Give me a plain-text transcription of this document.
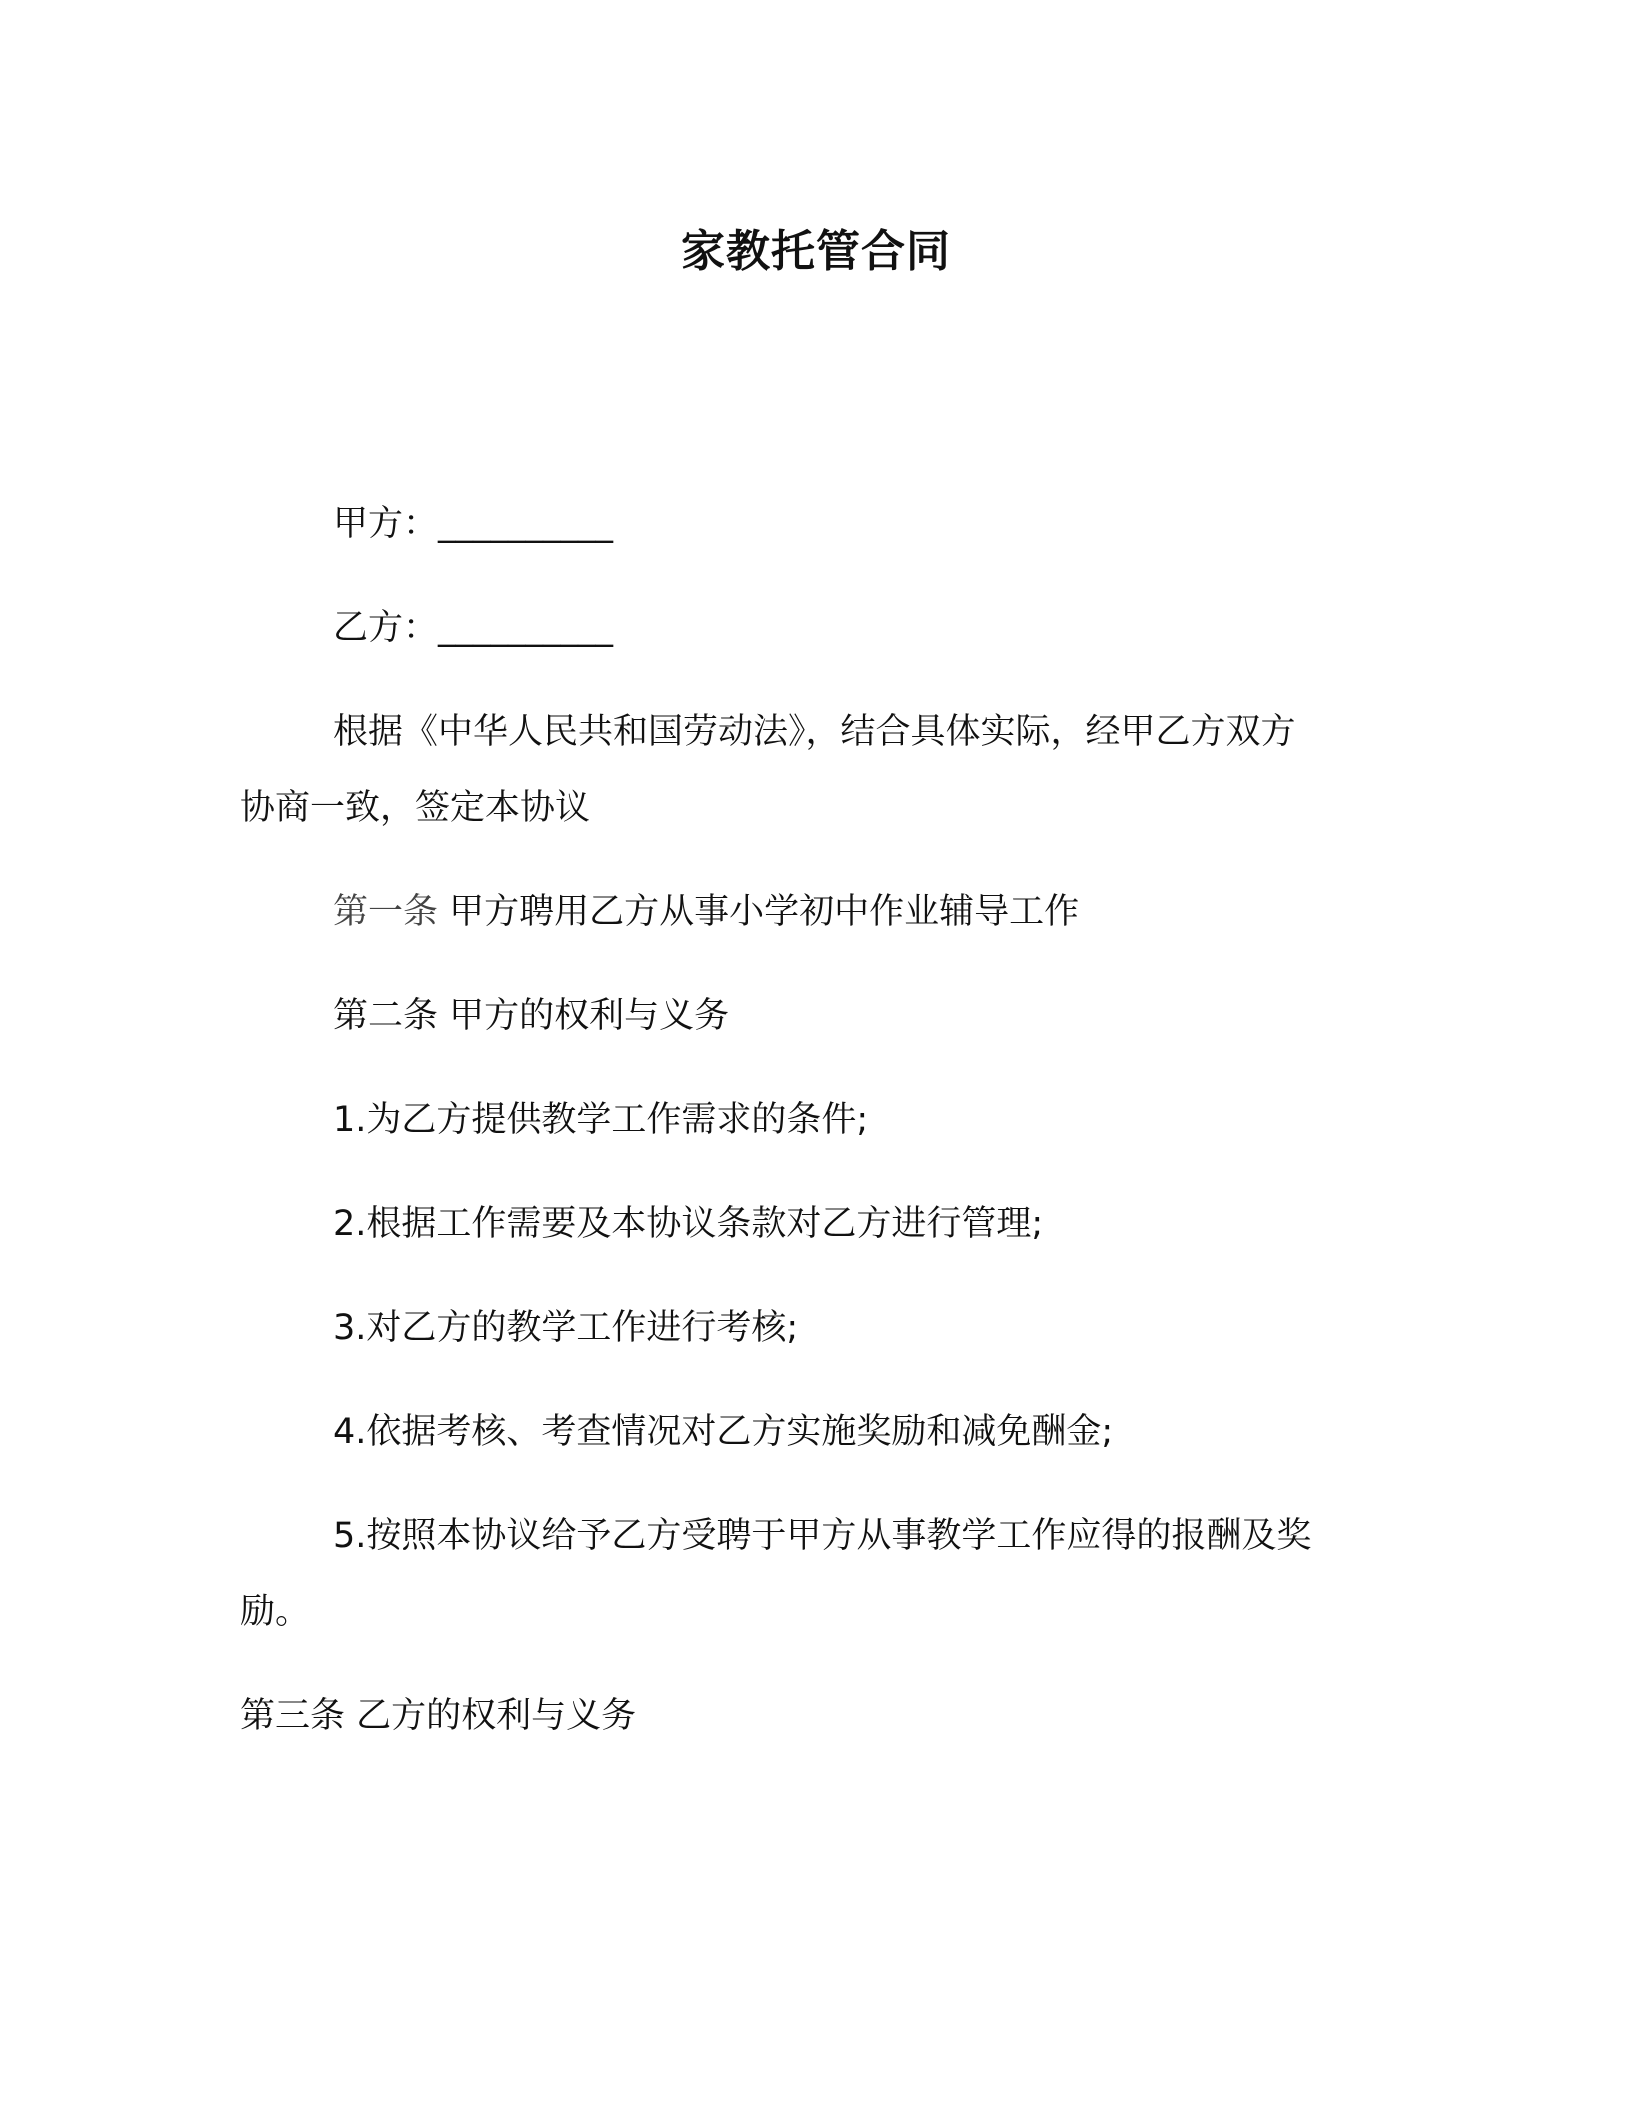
家教托管合同
甲方：__________
乙方：__________
根据《中华人民共和国劳动法》，结合具体实际，经甲乙方双方
协商一致，签定本协议
第一条 甲方聘用乙方从事小学初中作业辅导工作
第二条 甲方的权利与义务
1.为乙方提供教学工作需求的条件;
2.根据工作需要及本协议条款对乙方进行管理;
3.对乙方的教学工作进行考核;
4.依据考核、考查情况对乙方实施奖励和减免酬金;
5.按照本协议给予乙方受聘于甲方从事教学工作应得的报酬及奖
励。
第三条 乙方的权利与义务
